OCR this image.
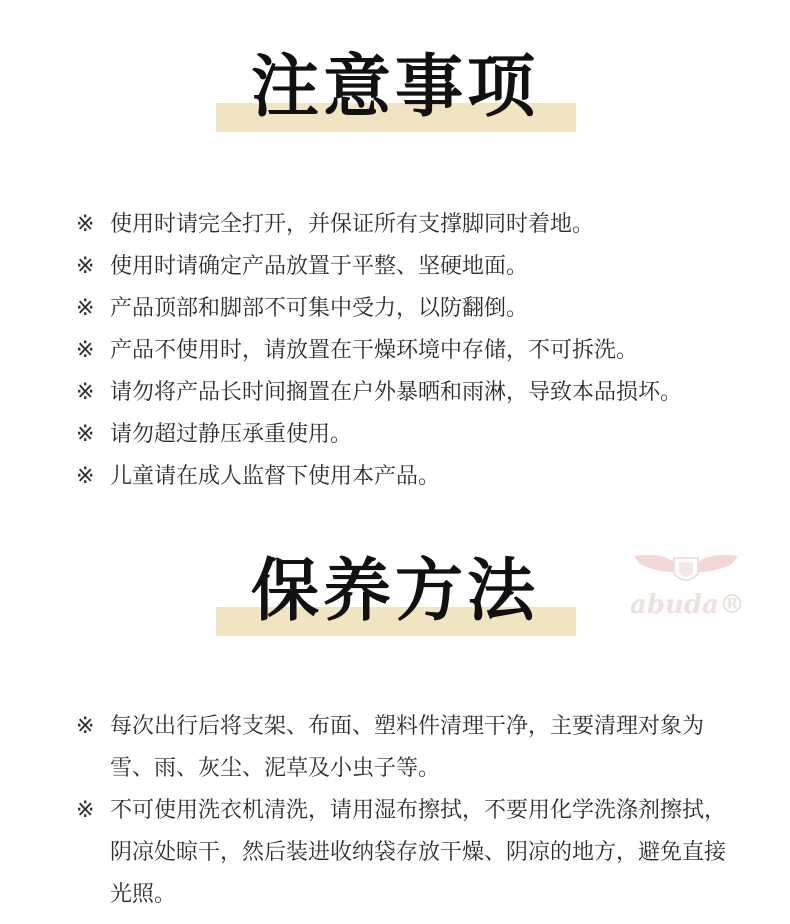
注意事项
※ 使用时请完全打开，并保证所有支撑脚同时着地。
※ 使用时请确定产品放置于平整、坚硬地面。
※ 产品顶部和脚部不可集中受力，以防翻倒。
※ 产品不使用时，请放置在干燥环境中存储，不可拆洗。
※ 请勿将产品长时间搁置在户外暴晒和雨淋，导致本品损坏。
※ 请勿超过静压承重使用。
※ 儿童请在成人监督下使用本产品。
abuda®
保养方法
※ 每次出行后将支架、布面、塑料件清理干净，主要清理对象为雪、雨、灰尘、泥草及小虫子等。
※ 不可使用洗衣机清洗，请用湿布擦拭，不要用化学洗涤剂擦拭，阴凉处晾干，然后装进收纳袋存放干燥、阴凉的地方，避免直接光照。
